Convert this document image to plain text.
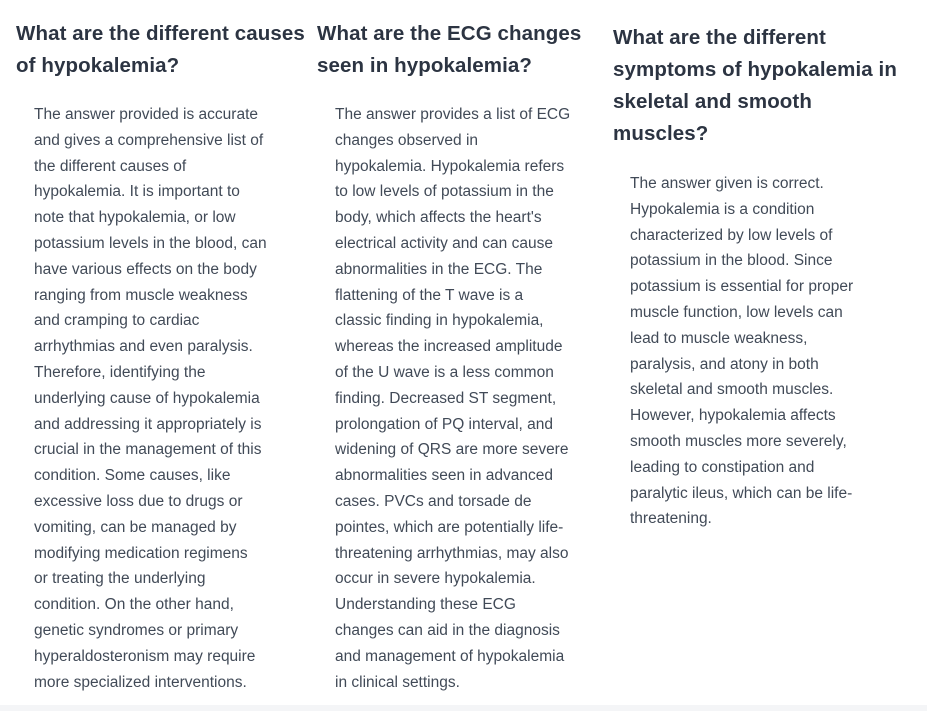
What are the different causes
of hypokalemia?

The answer provided is accurate
and gives a comprehensive list of
the different causes of
hypokalemia. It is important to
note that hypokalemia, or low
potassium levels in the blood, can
have various effects on the body
ranging from muscle weakness
and cramping to cardiac
arrhythmias and even paralysis.
Therefore, identifying the
underlying cause of hypokalemia
and addressing it appropriately is
crucial in the management of this
condition. Some causes, like
excessive loss due to drugs or
vomiting, can be managed by
modifying medication regimens
or treating the underlying
condition. On the other hand,
genetic syndromes or primary
hyperaldosteronism may require
more specialized interventions.

What are the ECG changes
seen in hypokalemia?

The answer provides a list of ECG
changes observed in
hypokalemia. Hypokalemia refers
to low levels of potassium in the
body, which affects the heart's
electrical activity and can cause
abnormalities in the ECG. The
flattening of the T wave is a
classic finding in hypokalemia,
whereas the increased amplitude
of the U wave is a less common
finding. Decreased ST segment,
prolongation of PQ interval, and
widening of QRS are more severe
abnormalities seen in advanced
cases. PVCs and torsade de
pointes, which are potentially life-
threatening arrhythmias, may also
occur in severe hypokalemia.
Understanding these ECG
changes can aid in the diagnosis
and management of hypokalemia
in clinical settings.

What are the different
symptoms of hypokalemia in
skeletal and smooth muscles?

The answer given is correct.
Hypokalemia is a condition
characterized by low levels of
potassium in the blood. Since
potassium is essential for proper
muscle function, low levels can
lead to muscle weakness,
paralysis, and atony in both
skeletal and smooth muscles.
However, hypokalemia affects
smooth muscles more severely,
leading to constipation and
paralytic ileus, which can be life-
threatening.
